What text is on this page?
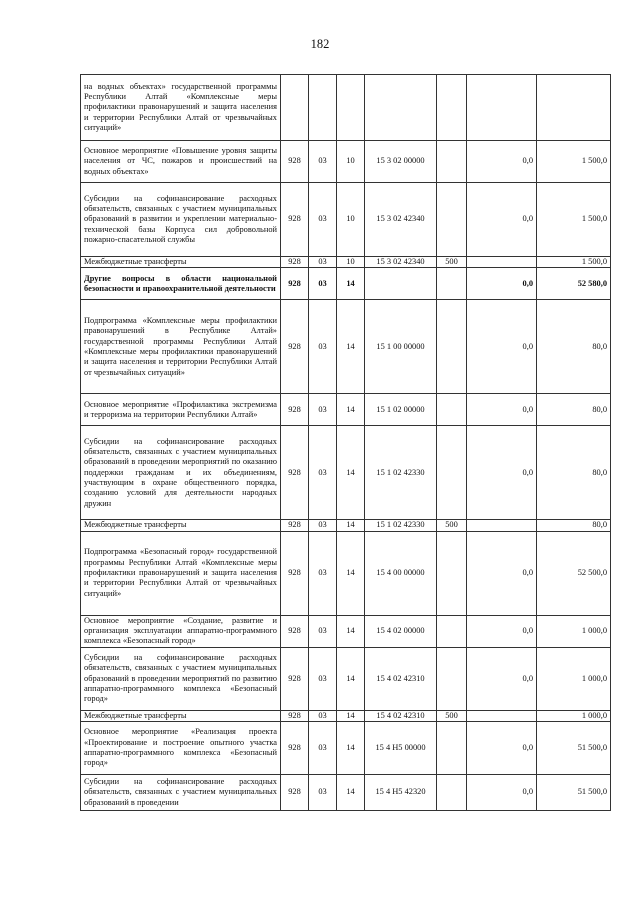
182
на водных объектах» государственной программы Республики Алтай «Комплексные меры профилактики правонарушений и защита населения и территории Республики Алтай от чрезвычайных ситуаций»							
Основное мероприятие «Повышение уровня защиты населения от ЧС, пожаров и происшествий на водных объектах»	928	03	10	15 3 02 00000		0,0	1 500,0
Субсидии на софинансирование расходных обязательств, связанных с участием муниципальных образований в развитии и укреплении материально-технической базы Корпуса сил добровольной пожарно-спасательной службы	928	03	10	15 3 02 42340		0,0	1 500,0
Межбюджетные трансферты	928	03	10	15 3 02 42340	500		1 500,0
Другие вопросы в области национальной безопасности и правоохранительной деятельности	928	03	14			0,0	52 580,0
Подпрограмма «Комплексные меры профилактики правонарушений в Республике Алтай» государственной программы Республики Алтай «Комплексные меры профилактики правонарушений и защита населения и территории Республики Алтай от чрезвычайных ситуаций»	928	03	14	15 1 00 00000		0,0	80,0
Основное мероприятие «Профилактика экстремизма и терроризма на территории Республики Алтай»	928	03	14	15 1 02 00000		0,0	80,0
Субсидии на софинансирование расходных обязательств, связанных с участием муниципальных образований в проведении мероприятий по оказанию поддержки гражданам и их объединениям, участвующим в охране общественного порядка, созданию условий для деятельности народных дружин	928	03	14	15 1 02 42330		0,0	80,0
Межбюджетные трансферты	928	03	14	15 1 02 42330	500		80,0
Подпрограмма «Безопасный город» государственной программы Республики Алтай «Комплексные меры профилактики правонарушений и защита населения и территории Республики Алтай от чрезвычайных ситуаций»	928	03	14	15 4 00 00000		0,0	52 500,0
Основное мероприятие «Создание, развитие и организация эксплуатации аппаратно-программного комплекса «Безопасный город»	928	03	14	15 4 02 00000		0,0	1 000,0
Субсидии на софинансирование расходных обязательств, связанных с участием муниципальных образований в проведении мероприятий по развитию аппаратно-программного комплекса «Безопасный город»	928	03	14	15 4 02 42310		0,0	1 000,0
Межбюджетные трансферты	928	03	14	15 4 02 42310	500		1 000,0
Основное мероприятие «Реализация проекта «Проектирование и построение опытного участка аппаратно-программного комплекса «Безопасный город»	928	03	14	15 4 Н5 00000		0,0	51 500,0
Субсидии на софинансирование расходных обязательств, связанных с участием муниципальных образований в проведении	928	03	14	15 4 Н5 42320		0,0	51 500,0
